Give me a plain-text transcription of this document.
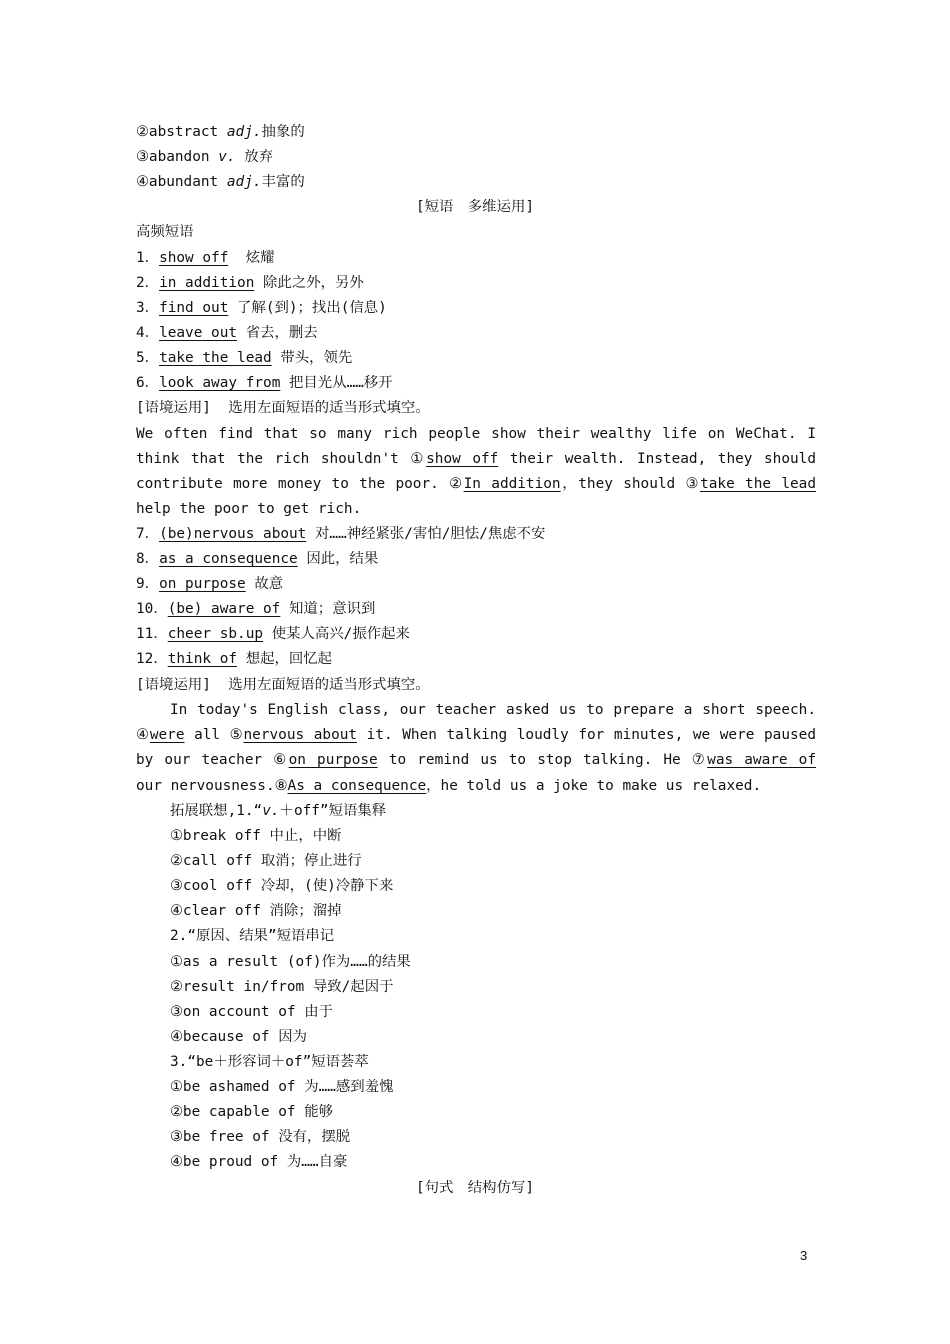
②abstract adj.抽象的
③abandon v. 放弃
④abundant adj.丰富的
[短语　多维运用]
高频短语
1．show off  炫耀
2．in addition 除此之外，另外
3．find out 了解(到)；找出(信息)
4．leave out 省去，删去
5．take the lead 带头，领先
6．look away from 把目光从……移开
[语境运用]  选用左面短语的适当形式填空。
We often find that so many rich people show their wealthy life on WeChat. I
think that the rich shouldn't ①show off their wealth. Instead, they should
contribute more money to the poor. ②In addition，they should ③take the lead
help the poor to get rich.
7．(be)nervous about 对……神经紧张/害怕/胆怯/焦虑不安
8．as a consequence 因此，结果
9．on purpose 故意
10．(be) aware of 知道；意识到
11．cheer sb.up 使某人高兴/振作起来
12．think of 想起，回忆起
[语境运用]  选用左面短语的适当形式填空。
In today's English class, our teacher asked us to prepare a short speech.
④were all ⑤nervous about it. When talking loudly for minutes, we were paused
by our teacher ⑥on purpose to remind us to stop talking. He ⑦was aware of
our nervousness.⑧As a consequence，he told us a joke to make us relaxed.
拓展联想,1.“v.＋off”短语集释
①break off 中止，中断
②call off 取消；停止进行
③cool off 冷却，(使)冷静下来
④clear off 消除；溜掉
2.“原因、结果”短语串记
①as a result (of)作为……的结果
②result in/from 导致/起因于
③on account of 由于
④because of 因为
3.“be＋形容词＋of”短语荟萃
①be ashamed of 为……感到羞愧
②be capable of 能够
③be free of 没有，摆脱
④be proud of 为……自豪
[句式　结构仿写]
3
